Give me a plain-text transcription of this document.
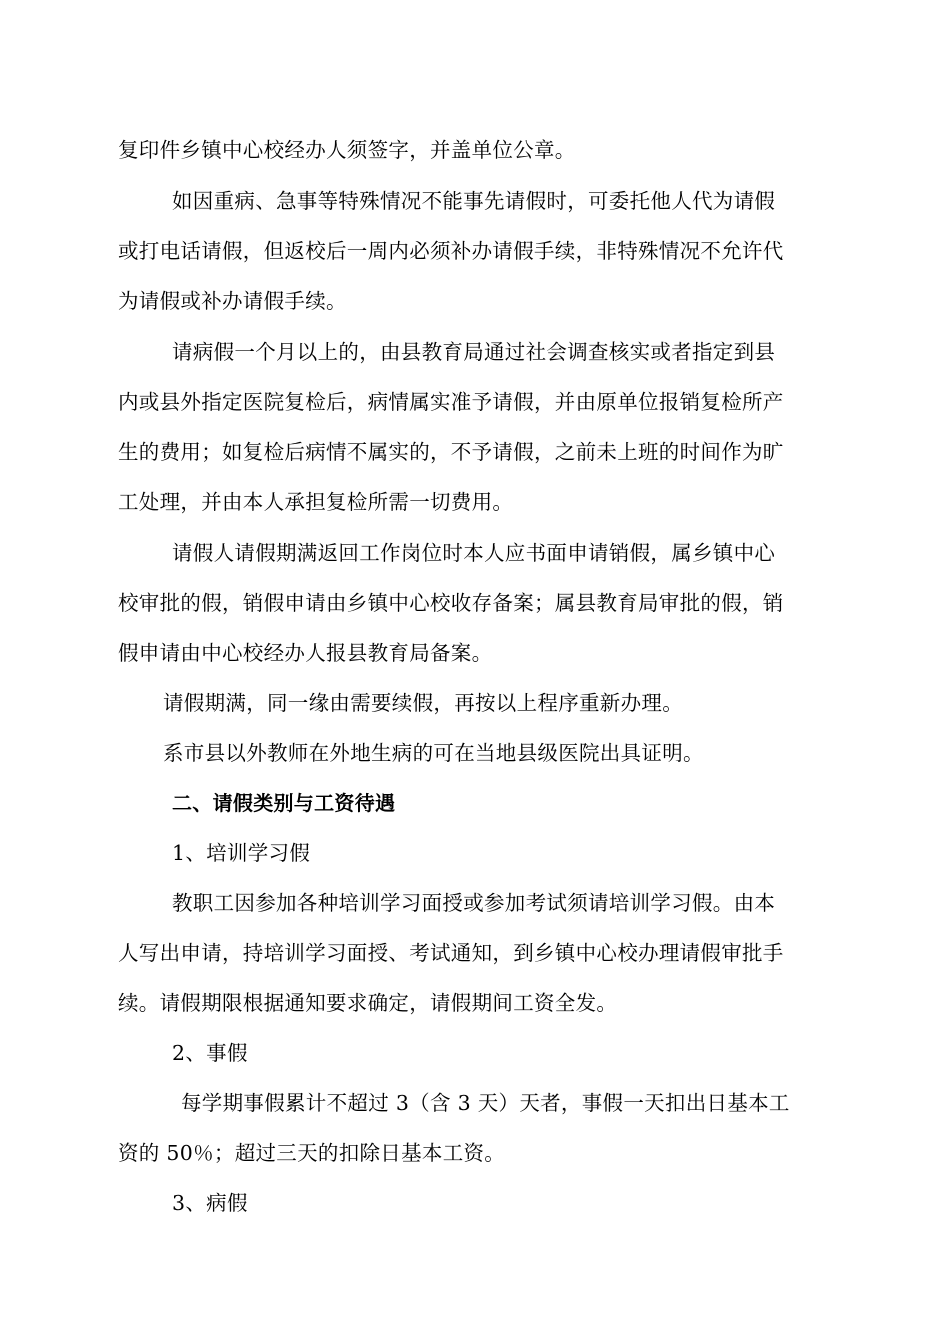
复印件乡镇中心校经办人须签字，并盖单位公章。
如因重病、急事等特殊情况不能事先请假时，可委托他人代为请假
或打电话请假，但返校后一周内必须补办请假手续，非特殊情况不允许代
为请假或补办请假手续。
请病假一个月以上的，由县教育局通过社会调查核实或者指定到县
内或县外指定医院复检后，病情属实准予请假，并由原单位报销复检所产
生的费用；如复检后病情不属实的，不予请假，之前未上班的时间作为旷
工处理，并由本人承担复检所需一切费用。
请假人请假期满返回工作岗位时本人应书面申请销假，属乡镇中心
校审批的假，销假申请由乡镇中心校收存备案；属县教育局审批的假，销
假申请由中心校经办人报县教育局备案。
请假期满，同一缘由需要续假，再按以上程序重新办理。
系市县以外教师在外地生病的可在当地县级医院出具证明。
二、请假类别与工资待遇
1、培训学习假
教职工因参加各种培训学习面授或参加考试须请培训学习假。由本
人写出申请，持培训学习面授、考试通知，到乡镇中心校办理请假审批手
续。请假期限根据通知要求确定，请假期间工资全发。
2、事假
每学期事假累计不超过 3（含 3 天）天者，事假一天扣出日基本工
资的 50％；超过三天的扣除日基本工资。
3、病假
